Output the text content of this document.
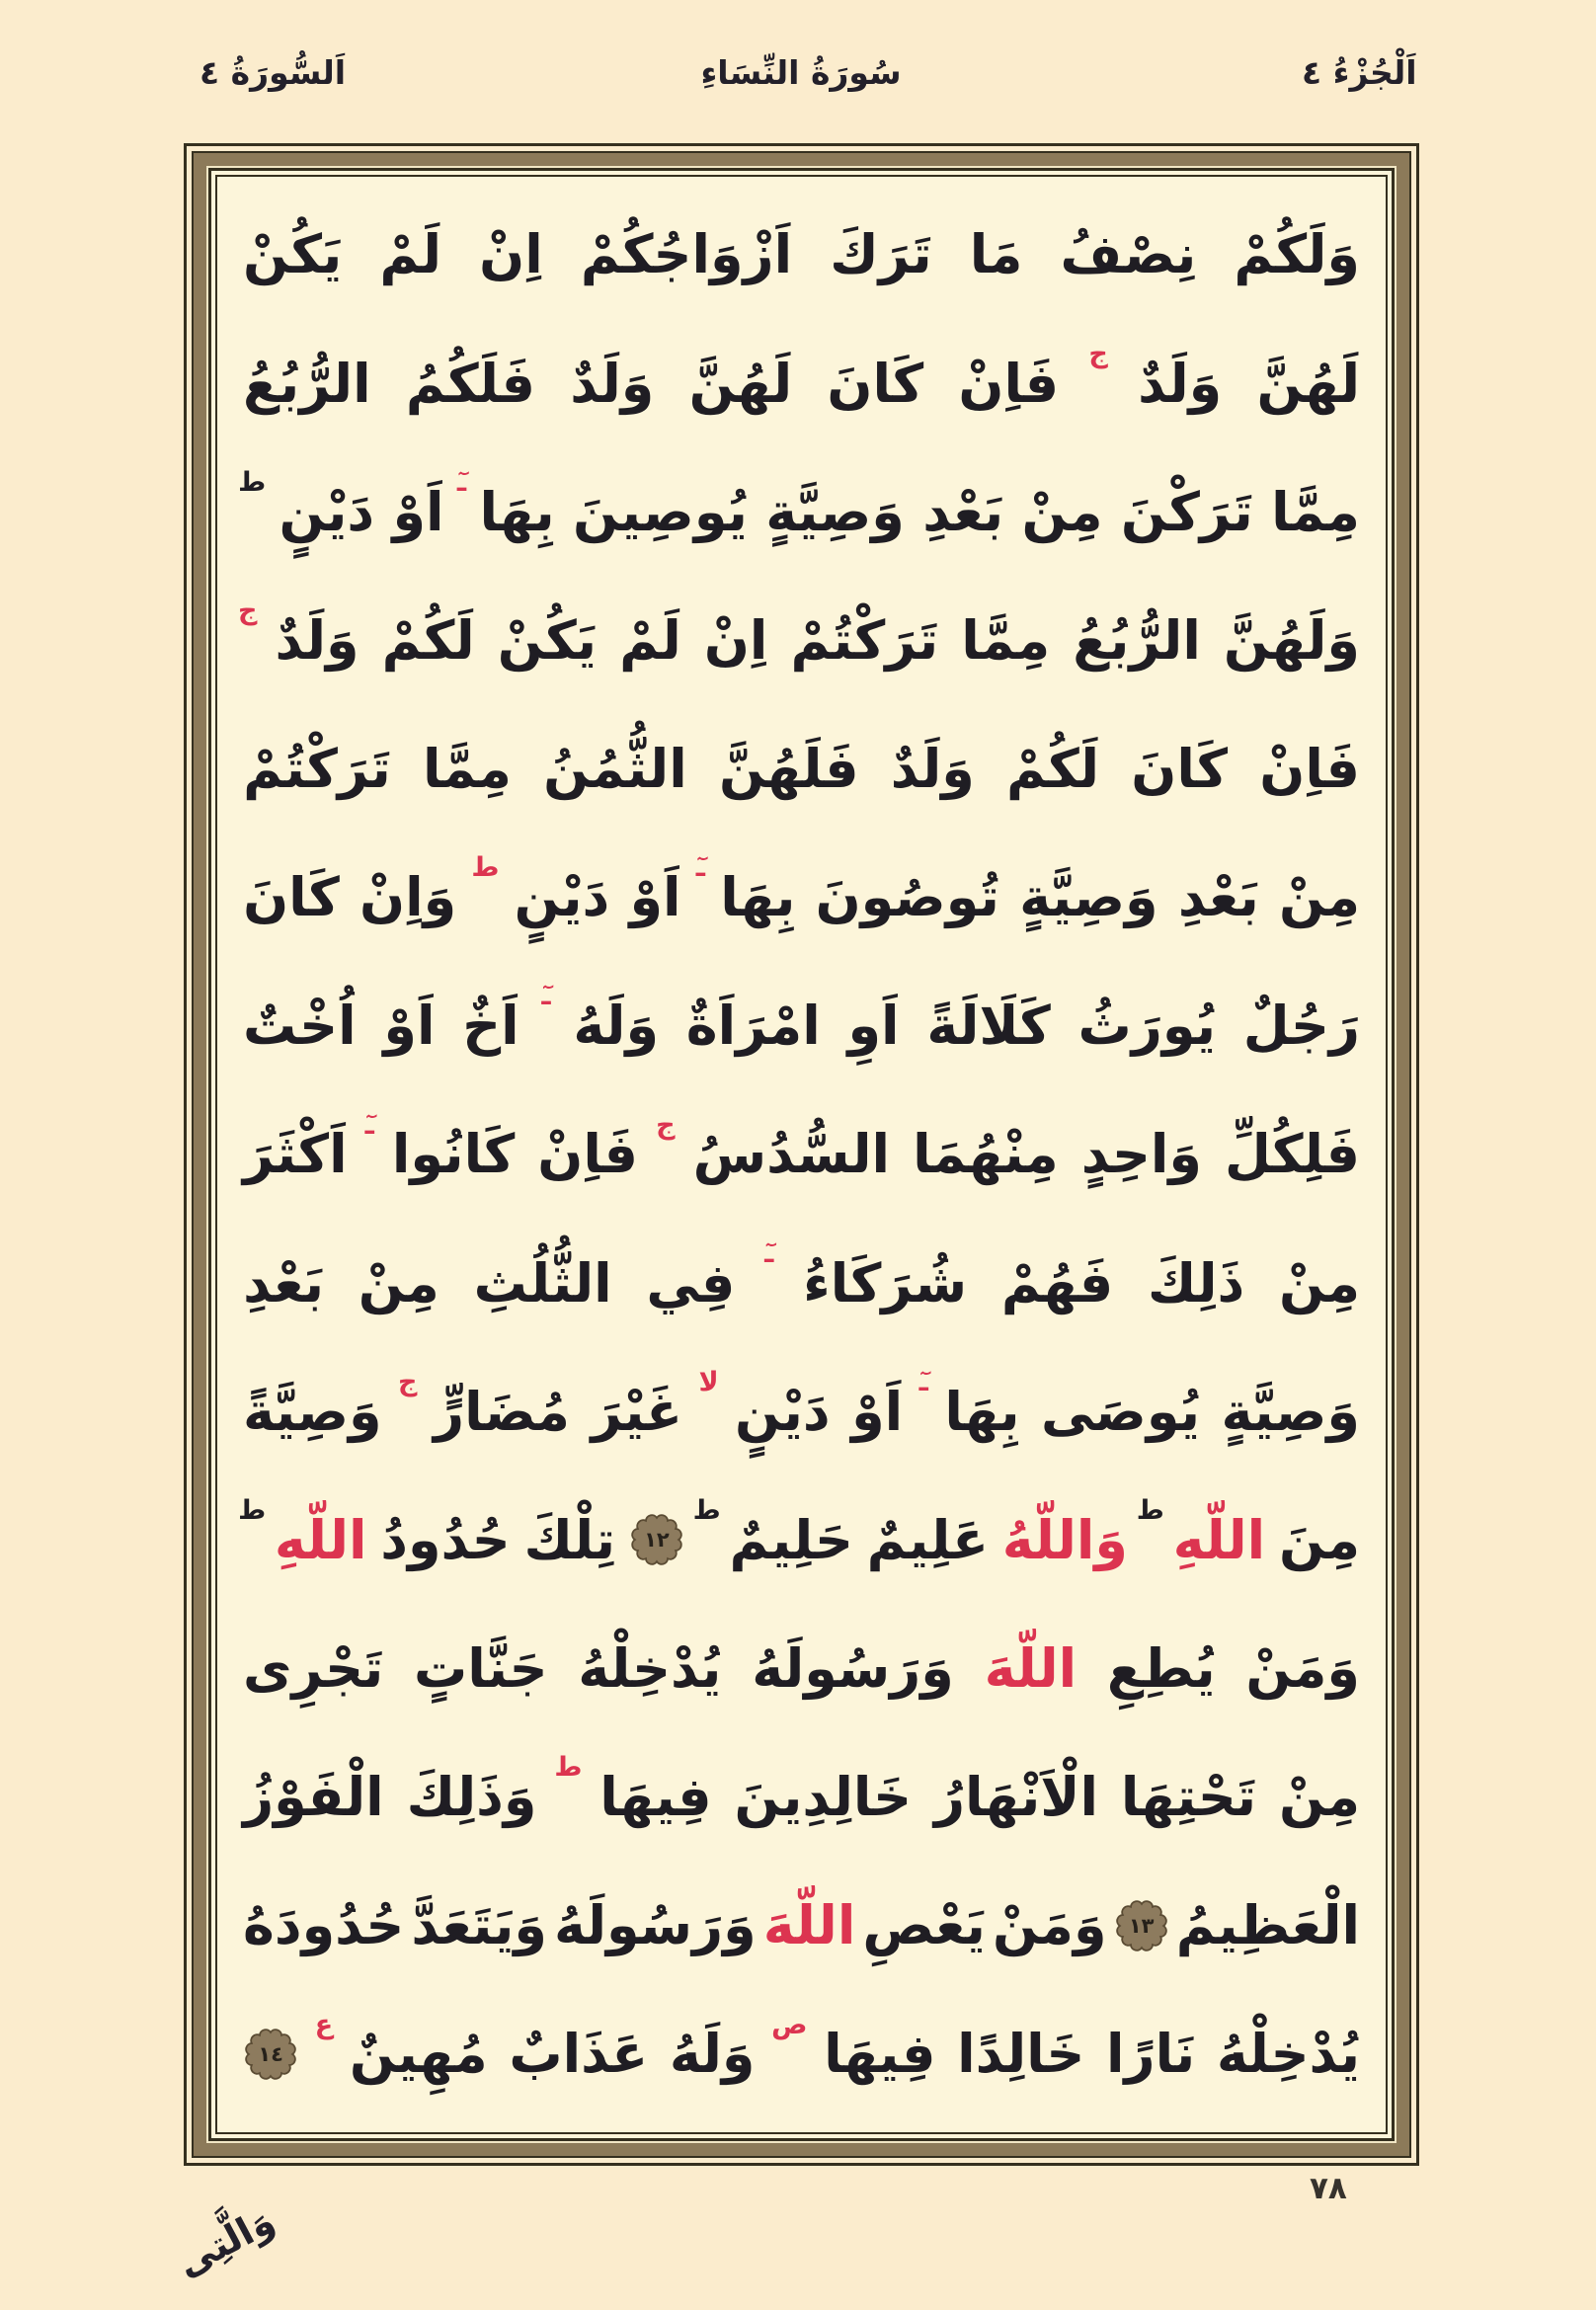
اَلْجُزْءُ ٤
سُورَةُ النِّسَاءِ
اَلسُّورَةُ ٤
وَلَكُمْ
نِصْفُ
مَا
تَرَكَ
اَزْوَاجُكُمْ
اِنْ
لَمْ
يَكُنْ
لَهُنَّ
وَلَدٌ
ج
فَاِنْ
كَانَ
لَهُنَّ
وَلَدٌ
فَلَكُمُ
الرُّبُعُ
مِمَّا
تَرَكْنَ
مِنْ
بَعْدِ
وَصِيَّةٍ
يُوصِينَ
بِهَا
ـٓ
اَوْ
دَيْنٍ
ط
وَلَهُنَّ
الرُّبُعُ
مِمَّا
تَرَكْتُمْ
اِنْ
لَمْ
يَكُنْ
لَكُمْ
وَلَدٌ
ج
فَاِنْ
كَانَ
لَكُمْ
وَلَدٌ
فَلَهُنَّ
الثُّمُنُ
مِمَّا
تَرَكْتُمْ
مِنْ
بَعْدِ
وَصِيَّةٍ
تُوصُونَ
بِهَا
ـٓ
اَوْ
دَيْنٍ
ط
وَاِنْ
كَانَ
رَجُلٌ
يُورَثُ
كَلَالَةً
اَوِ
امْرَاَةٌ
وَلَهُ
ـٓ
اَخٌ
اَوْ
اُخْتٌ
فَلِكُلِّ
وَاحِدٍ
مِنْهُمَا
السُّدُسُ
ج
فَاِنْ
كَانُوا
ـٓ
اَكْثَرَ
مِنْ
ذَلِكَ
فَهُمْ
شُرَكَاءُ
ـٓ
فِي
الثُّلُثِ
مِنْ
بَعْدِ
وَصِيَّةٍ
يُوصَى
بِهَا
ـٓ
اَوْ
دَيْنٍ
لا
غَيْرَ
مُضَارٍّ
ج
وَصِيَّةً
مِنَ
اللّهِ
ط
وَاللّهُ
عَلِيمٌ
حَلِيمٌ
ط
١٢
تِلْكَ
حُدُودُ
اللّهِ
ط
وَمَنْ
يُطِعِ
اللّهَ
وَرَسُولَهُ
يُدْخِلْهُ
جَنَّاتٍ
تَجْرِى
مِنْ
تَحْتِهَا
الْاَنْهَارُ
خَالِدِينَ
فِيهَا
ط
وَذَلِكَ
الْفَوْزُ
الْعَظِيمُ
١٣
وَمَنْ
يَعْصِ
اللّهَ
وَرَسُولَهُ
وَيَتَعَدَّ
حُدُودَهُ
يُدْخِلْهُ
نَارًا
خَالِدًا
فِيهَا
ص
وَلَهُ
عَذَابٌ
مُهِينٌ
ع
١٤
٧٨
وَالَّتِى
